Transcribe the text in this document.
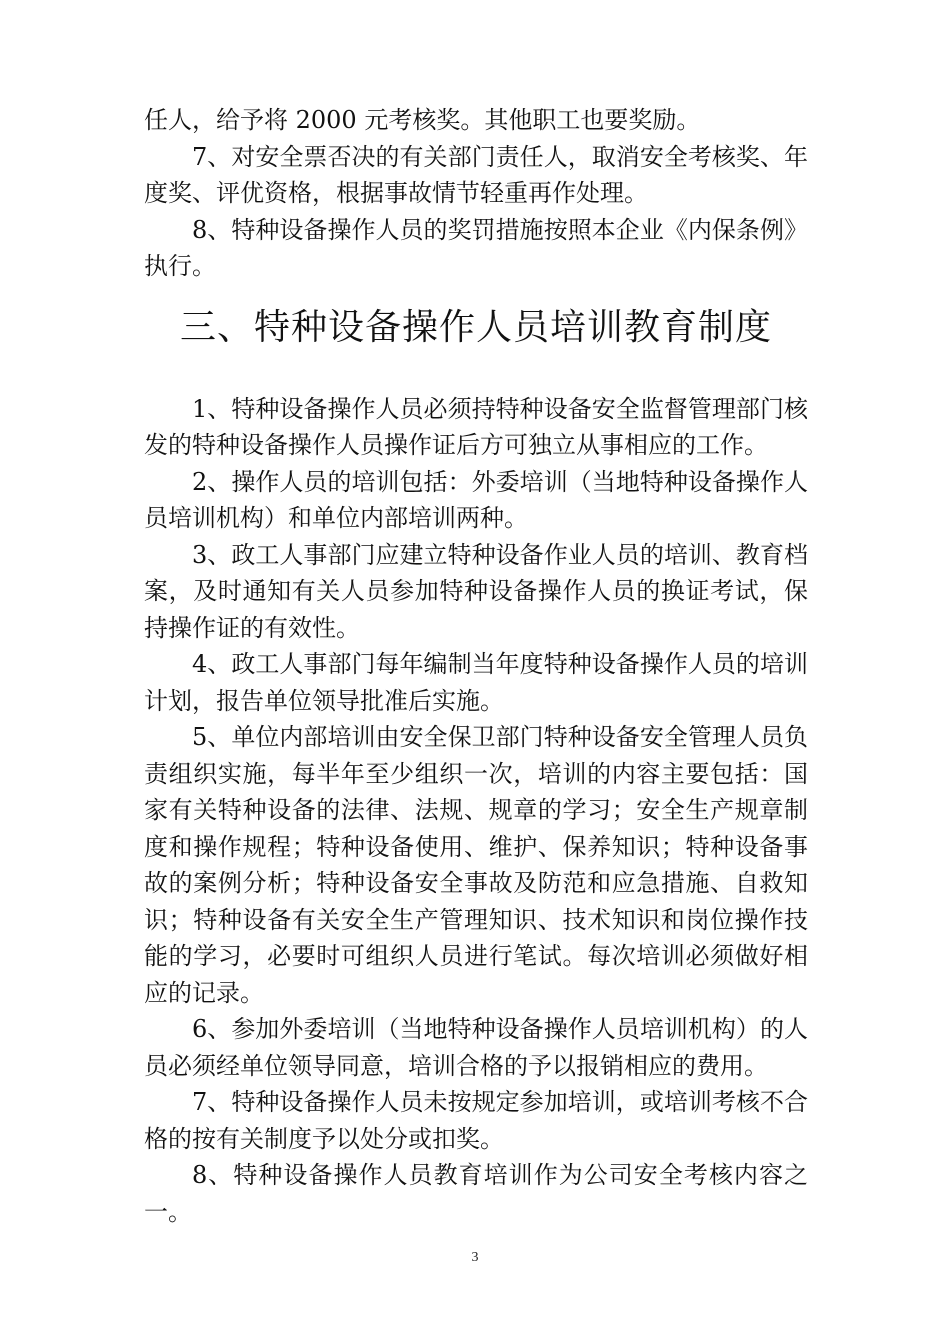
任人，给予将 2000 元考核奖。其他职工也要奖励。

7、对安全票否决的有关部门责任人，取消安全考核奖、年度奖、评优资格，根据事故情节轻重再作处理。

8、特种设备操作人员的奖罚措施按照本企业《内保条例》执行。

三、特种设备操作人员培训教育制度

1、特种设备操作人员必须持特种设备安全监督管理部门核发的特种设备操作人员操作证后方可独立从事相应的工作。

2、操作人员的培训包括：外委培训（当地特种设备操作人员培训机构）和单位内部培训两种。

3、政工人事部门应建立特种设备作业人员的培训、教育档案，及时通知有关人员参加特种设备操作人员的换证考试，保持操作证的有效性。

4、政工人事部门每年编制当年度特种设备操作人员的培训计划，报告单位领导批准后实施。

5、单位内部培训由安全保卫部门特种设备安全管理人员负责组织实施，每半年至少组织一次，培训的内容主要包括：国家有关特种设备的法律、法规、规章的学习；安全生产规章制度和操作规程；特种设备使用、维护、保养知识；特种设备事故的案例分析；特种设备安全事故及防范和应急措施、自救知识；特种设备有关安全生产管理知识、技术知识和岗位操作技能的学习，必要时可组织人员进行笔试。每次培训必须做好相应的记录。

6、参加外委培训（当地特种设备操作人员培训机构）的人员必须经单位领导同意，培训合格的予以报销相应的费用。

7、特种设备操作人员未按规定参加培训，或培训考核不合格的按有关制度予以处分或扣奖。

8、特种设备操作人员教育培训作为公司安全考核内容之一。

3
